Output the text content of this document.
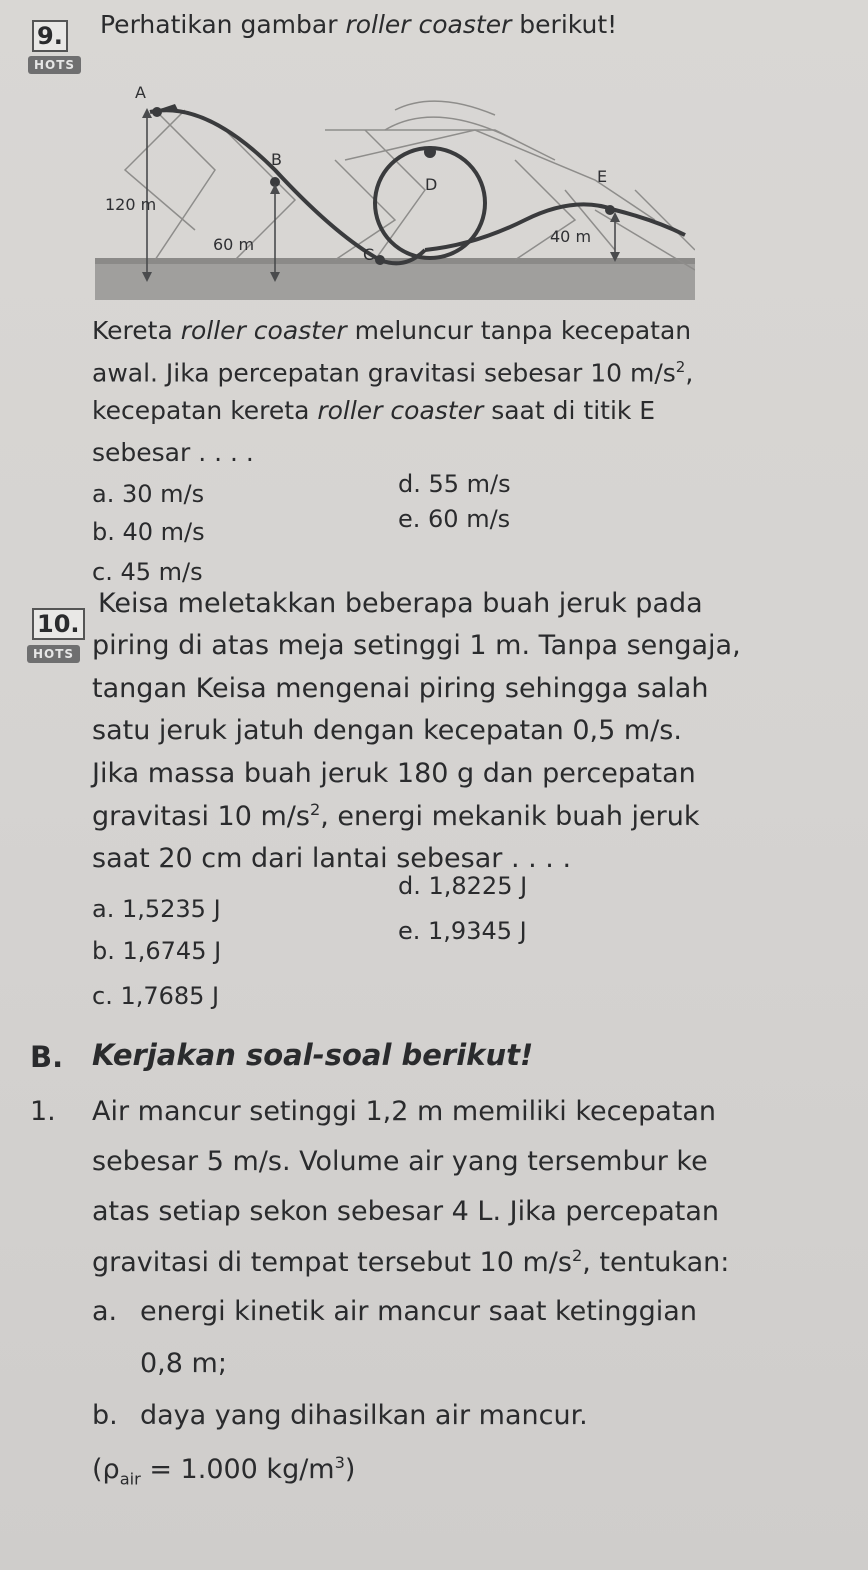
9. Perhatikan gambar roller coaster berikut!
HOTS
A
B
C
D	E
120 m
60 m	40 m
Kereta roller coaster meluncur tanpa kecepatan
awal. Jika percepatan gravitasi sebesar 10 $m/s^2$,
kecepatan kereta roller coaster saat di titik E
sebesar . . . .
a. 30 m/s
b. 40 m/s
c. 45 m/s
d. 55 m/s
e. 60 m/s
10.
HOTS
Keisa meletakkan beberapa buah jeruk pada
piring di atas meja setinggi 1 m. Tanpa sengaja,
tangan Keisa mengenai piring sehingga salah
satu jeruk jatuh dengan kecepatan 0,5 m/s.
Jika massa buah jeruk 180 g dan percepatan
gravitasi 10 $m/s^2$, energi mekanik buah jeruk
saat 20 cm dari lantai sebesar . . . .
a. 1,5235 J
b. 1,6745 J
c. 1,7685 J
d. 1,8225 J
e. 1,9345 J
B. Kerjakan soal-soal berikut!
1. Air mancur setinggi 1,2 m memiliki kecepatan
sebesar 5 m/s. Volume air yang tersembur ke
atas setiap sekon sebesar 4 L. Jika percepatan
gravitasi di tempat tersebut 10 $m/s^2$, tentukan:
a. energi kinetik air mancur saat ketinggian
0,8 m;
b. daya yang dihasilkan air mancur.
($\rho_{air} = 1.000$ $kg/m^3$)
